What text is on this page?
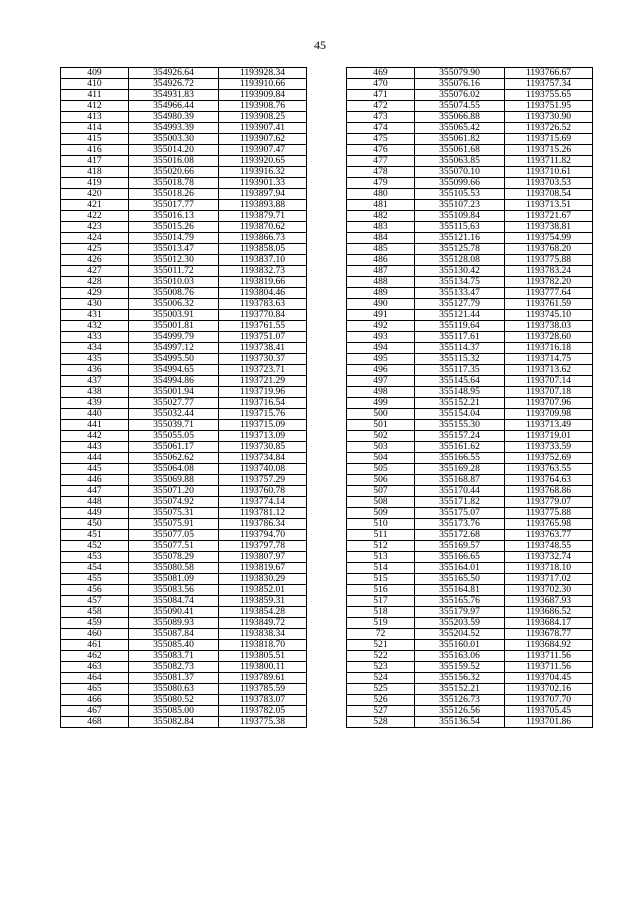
45
409	354926.64	1193928.34
410	354926.72	1193910.66
411	354931.83	1193909.84
412	354966.44	1193908.76
413	354980.39	1193908.25
414	354993.39	1193907.41
415	355003.30	1193907.62
416	355014.20	1193907.47
417	355016.08	1193920.65
418	355020.66	1193916.32
419	355018.78	1193901.33
420	355018.26	1193897.94
421	355017.77	1193893.88
422	355016.13	1193879.71
423	355015.26	1193870.62
424	355014.79	1193866.73
425	355013.47	1193858.05
426	355012.30	1193837.10
427	355011.72	1193832.73
428	355010.03	1193819.66
429	355008.76	1193804.46
430	355006.32	1193783.63
431	355003.91	1193770.84
432	355001.81	1193761.55
433	354999.79	1193751.07
434	354997.12	1193738.41
435	354995.50	1193730.37
436	354994.65	1193723.71
437	354994.86	1193721.29
438	355001.94	1193719.96
439	355027.77	1193716.54
440	355032.44	1193715.76
441	355039.71	1193715.09
442	355055.05	1193713.09
443	355061.17	1193730.85
444	355062.62	1193734.84
445	355064.08	1193740.08
446	355069.88	1193757.29
447	355071.20	1193760.78
448	355074.92	1193774.14
449	355075.31	1193781.12
450	355075.91	1193786.34
451	355077.05	1193794.70
452	355077.51	1193797.78
453	355078.29	1193807.97
454	355080.58	1193819.67
455	355081.09	1193830.29
456	355083.56	1193852.01
457	355084.74	1193859.31
458	355090.41	1193854.28
459	355089.93	1193849.72
460	355087.84	1193838.34
461	355085.40	1193818.70
462	355083.71	1193805.51
463	355082.73	1193800.11
464	355081.37	1193789.61
465	355080.63	1193785.59
466	355080.52	1193783.07
467	355085.00	1193782.05
468	355082.84	1193775.38
469	355079.90	1193766.67
470	355076.16	1193757.34
471	355076.02	1193755.65
472	355074.55	1193751.95
473	355066.88	1193730.90
474	355065.42	1193726.52
475	355061.82	1193715.69
476	355061.68	1193715.26
477	355063.85	1193711.82
478	355070.10	1193710.61
479	355099.66	1193703.53
480	355105.53	1193708.54
481	355107.23	1193713.51
482	355109.84	1193721.67
483	355115.63	1193738.81
484	355121.16	1193754.99
485	355125.78	1193768.20
486	355128.08	1193775.88
487	355130.42	1193783.24
488	355134.75	1193782.20
489	355133.47	1193777.64
490	355127.79	1193761.59
491	355121.44	1193745.10
492	355119.64	1193738.03
493	355117.61	1193728.60
494	355114.37	1193716.18
495	355115.32	1193714.75
496	355117.35	1193713.62
497	355145.64	1193707.14
498	355148.95	1193707.18
499	355152.21	1193707.96
500	355154.04	1193709.98
501	355155.30	1193713.49
502	355157.24	1193719.01
503	355161.62	1193733.59
504	355166.55	1193752.69
505	355169.28	1193763.55
506	355168.87	1193764.63
507	355170.44	1193768.86
508	355171.82	1193779.07
509	355175.07	1193775.88
510	355173.76	1193765.98
511	355172.68	1193763.77
512	355169.57	1193748.55
513	355166.65	1193732.74
514	355164.01	1193718.10
515	355165.50	1193717.02
516	355164.81	1193702.30
517	355165.76	1193687.93
518	355179.97	1193686.52
519	355203.59	1193684.17
72	355204.52	1193678.77
521	355160.01	1193684.92
522	355163.06	1193711.56
523	355159.52	1193711.56
524	355156.32	1193704.45
525	355152.21	1193702.16
526	355126.73	1193707.70
527	355126.56	1193705.45
528	355136.54	1193701.86
